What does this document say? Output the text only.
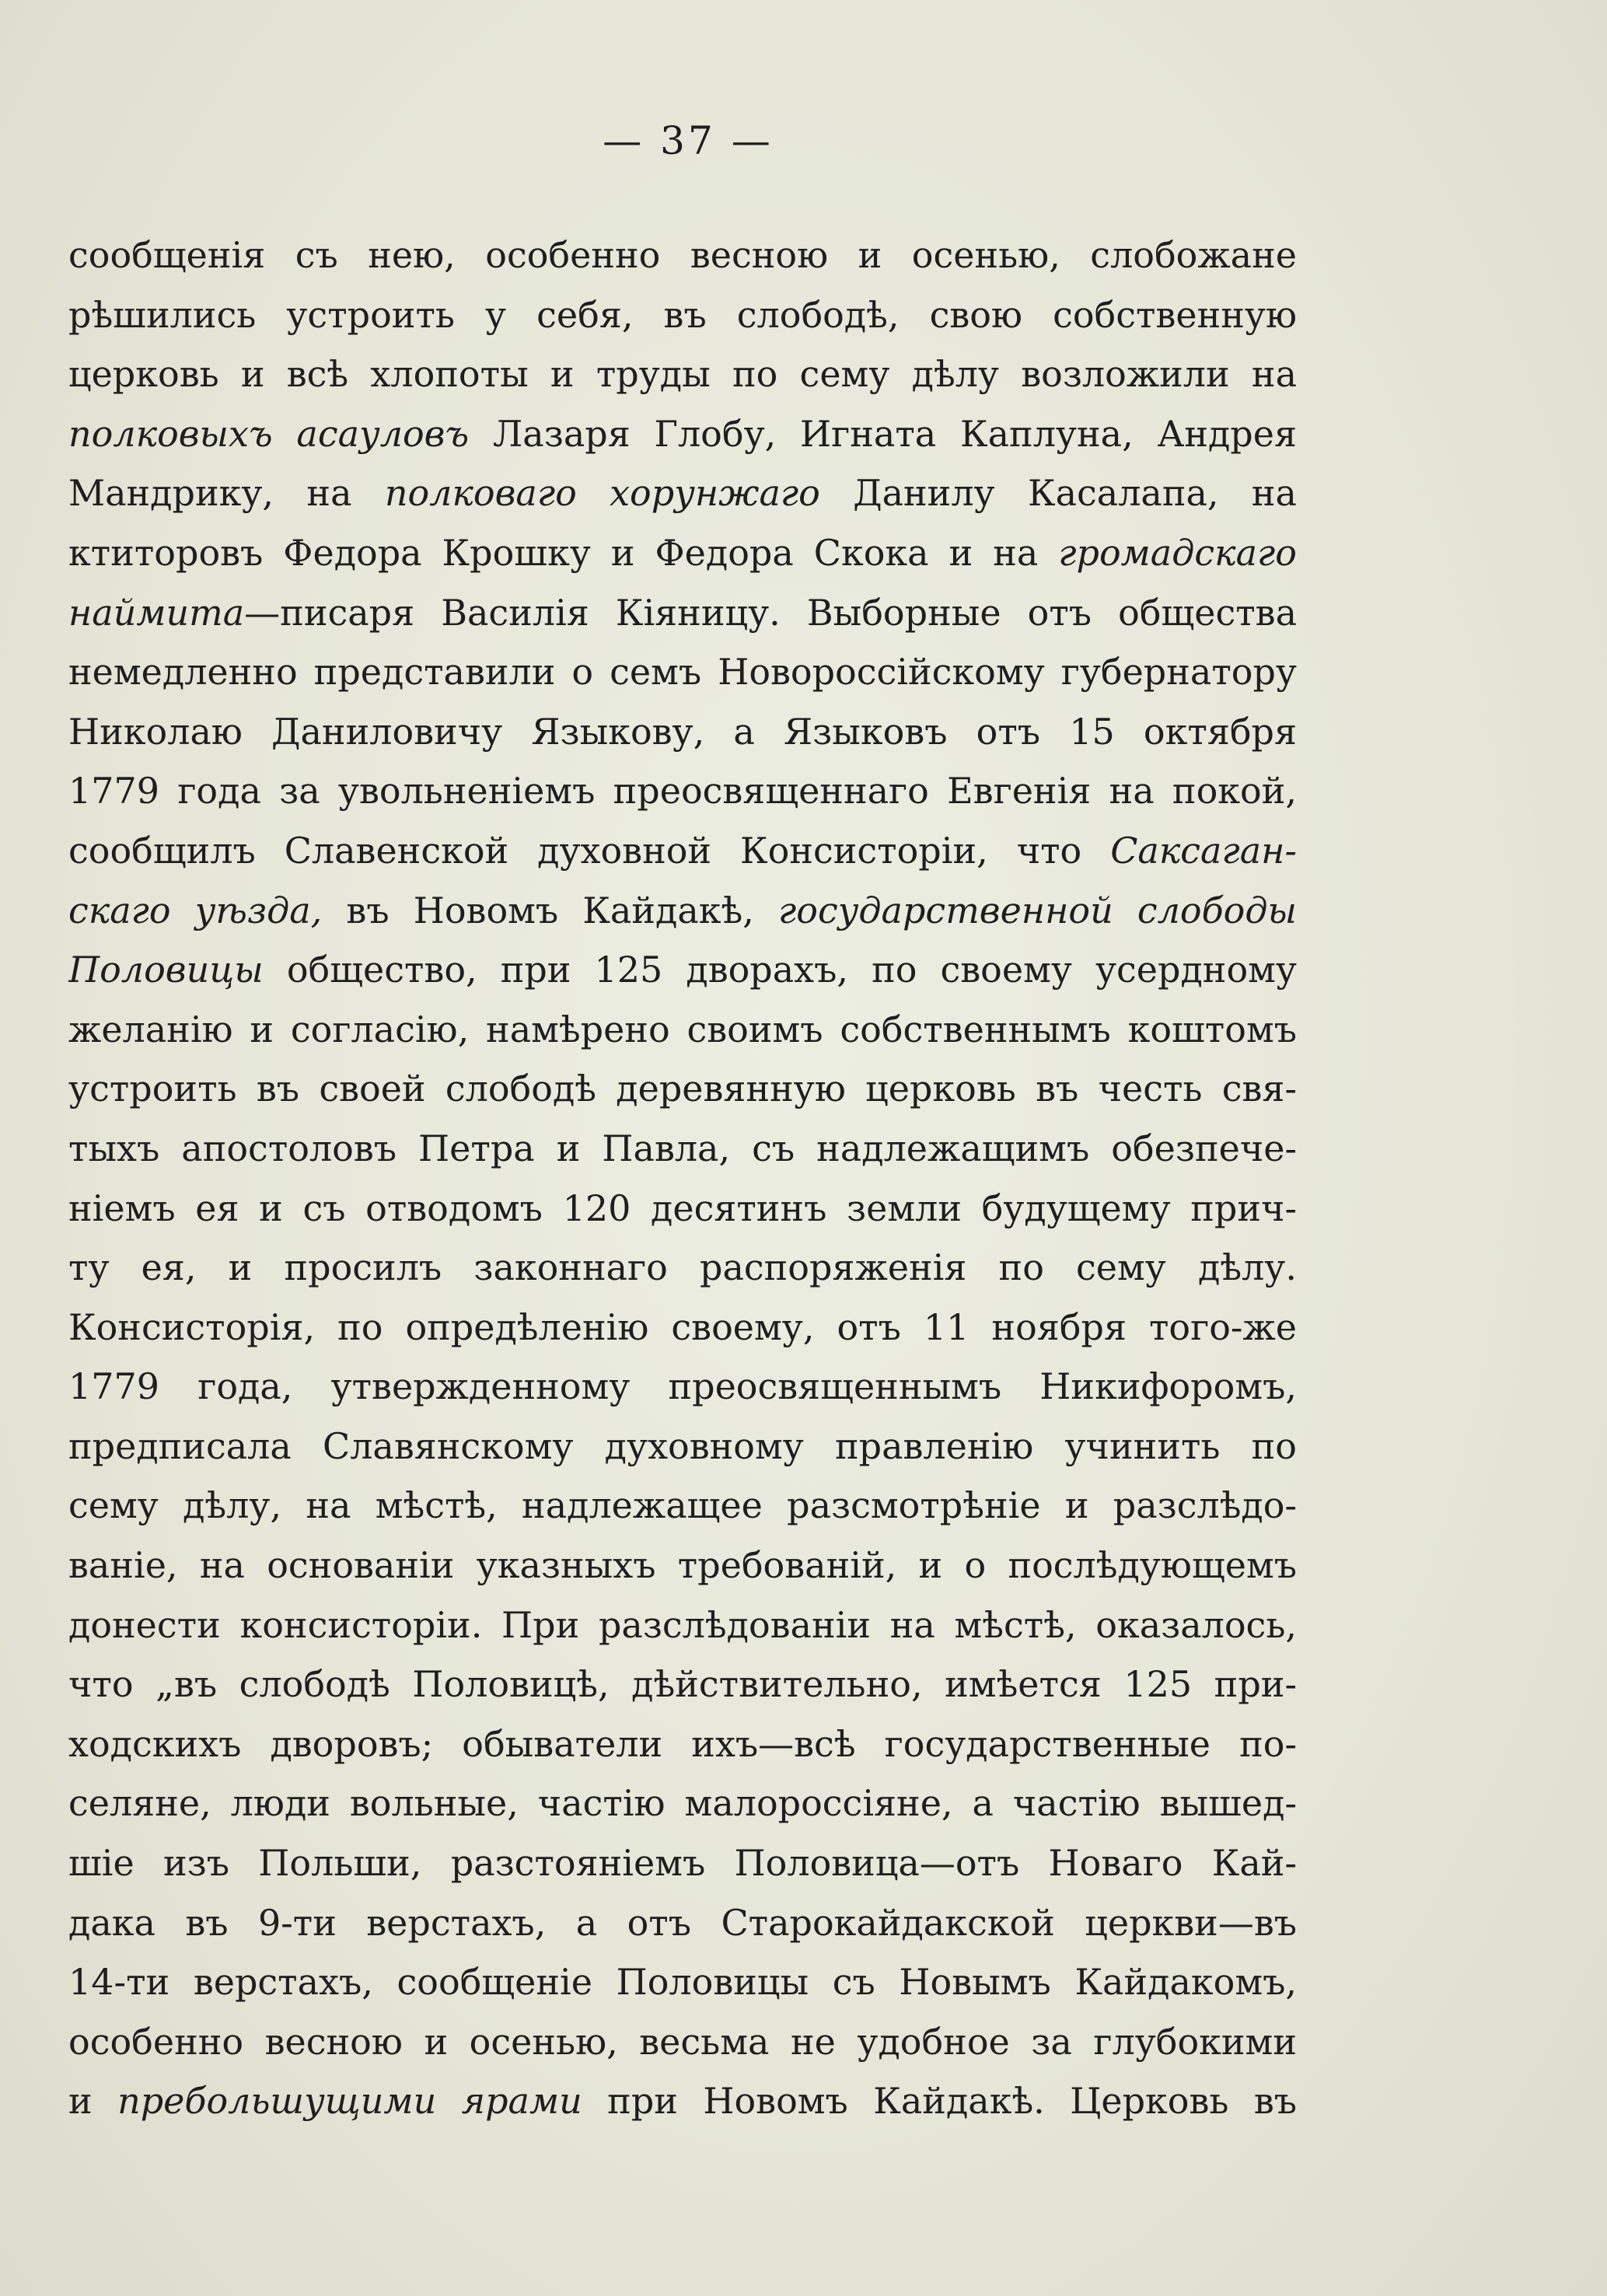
— 37 —
сообщенія съ нею, особенно весною и осенью, слобожане
рѣшились устроить у себя, въ слободѣ, свою собственную
церковь и всѣ хлопоты и труды по сему дѣлу возложили на
полковыхъ асауловъ Лазаря Глобу, Игната Каплуна, Андрея
Мандрику, на полковаго хорунжаго Данилу Касалапа, на
ктиторовъ Федора Крошку и Федора Скока и на громадскаго
наймита—писаря Василія Кіяницу. Выборные отъ общества
немедленно представили о семъ Новороссійскому губернатору
Николаю Даниловичу Языкову, а Языковъ отъ 15 октября
1779 года за увольненіемъ преосвященнаго Евгенія на покой,
сообщилъ Славенской духовной Консисторіи, что Саксаган-
скаго уѣзда, въ Новомъ Кайдакѣ, государственной слободы
Половицы общество, при 125 дворахъ, по своему усердному
желанію и согласію, намѣрено своимъ собственнымъ коштомъ
устроить въ своей слободѣ деревянную церковь въ честь свя-
тыхъ апостоловъ Петра и Павла, съ надлежащимъ обезпече-
ніемъ ея и съ отводомъ 120 десятинъ земли будущему прич-
ту ея, и просилъ законнаго распоряженія по сему дѣлу.
Консисторія, по опредѣленію своему, отъ 11 ноября того-же
1779 года, утвержденному преосвященнымъ Никифоромъ,
предписала Славянскому духовному правленію учинить по
сему дѣлу, на мѣстѣ, надлежащее разсмотрѣніе и разслѣдо-
ваніе, на основаніи указныхъ требованій, и о послѣдующемъ
донести консисторіи. При разслѣдованіи на мѣстѣ, оказалось,
что „въ слободѣ Половицѣ, дѣйствительно, имѣется 125 при-
ходскихъ дворовъ; обыватели ихъ—всѣ государственные по-
селяне, люди вольные, частію малороссіяне, а частію вышед-
шіе изъ Польши, разстояніемъ Половица—отъ Новаго Кай-
дака въ 9-ти верстахъ, а отъ Старокайдакской церкви—въ
14-ти верстахъ, сообщеніе Половицы съ Новымъ Кайдакомъ,
особенно весною и осенью, весьма не удобное за глубокими
и пребольшущими ярами при Новомъ Кайдакѣ. Церковь въ
